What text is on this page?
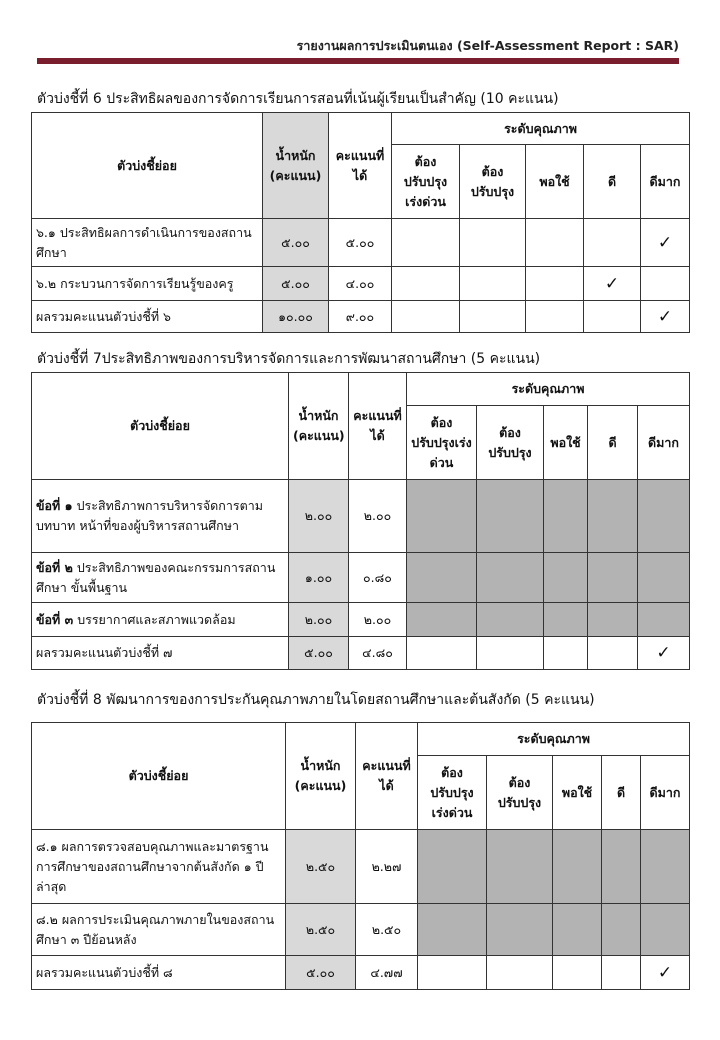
รายงานผลการประเมินตนเอง (Self-Assessment Report : SAR)
ตัวบ่งชี้ที่ 6 ประสิทธิผลของการจัดการเรียนการสอนที่เน้นผู้เรียนเป็นสำคัญ (10 คะแนน)
ตัวบ่งชี้ย่อย	น้ำหนัก (คะแนน)	คะแนนที่ได้	ระดับคุณภาพ				
			ต้องปรับปรุงเร่งด่วน	ต้องปรับปรุง	พอใช้	ดี	ดีมาก
๖.๑ ประสิทธิผลการดำเนินการของสถานศึกษา	๕.๐๐	๕.๐๐					✓
๖.๒ กระบวนการจัดการเรียนรู้ของครู	๕.๐๐	๔.๐๐				✓	
ผลรวมคะแนนตัวบ่งชี้ที่ ๖	๑๐.๐๐	๙.๐๐					✓
ตัวบ่งชี้ที่ 7ประสิทธิภาพของการบริหารจัดการและการพัฒนาสถานศึกษา (5 คะแนน)
ตัวบ่งชี้ย่อย	น้ำหนัก (คะแนน)	คะแนนที่ได้	ระดับคุณภาพ				
			ต้องปรับปรุงเร่งด่วน	ต้องปรับปรุง	พอใช้	ดี	ดีมาก
ข้อที่ ๑ ประสิทธิภาพการบริหารจัดการตาม บทบาท หน้าที่ของผู้บริหารสถานศึกษา	๒.๐๐	๒.๐๐					
ข้อที่ ๒ ประสิทธิภาพของคณะกรรมการสถานศึกษา ขั้นพื้นฐาน	๑.๐๐	๐.๘๐					
ข้อที่ ๓ บรรยากาศและสภาพแวดล้อม	๒.๐๐	๒.๐๐					
ผลรวมคะแนนตัวบ่งชี้ที่ ๗	๕.๐๐	๔.๘๐					✓
ตัวบ่งชี้ที่ 8 พัฒนาการของการประกันคุณภาพภายในโดยสถานศึกษาและต้นสังกัด (5 คะแนน)
ตัวบ่งชี้ย่อย	น้ำหนัก (คะแนน)	คะแนนที่ได้	ระดับคุณภาพ				
			ต้องปรับปรุงเร่งด่วน	ต้องปรับปรุง	พอใช้	ดี	ดีมาก
๘.๑ ผลการตรวจสอบคุณภาพและมาตรฐาน การศึกษาของสถานศึกษาจากต้นสังกัด ๑ ปีล่าสุด	๒.๕๐	๒.๒๗					
๘.๒ ผลการประเมินคุณภาพภายในของสถานศึกษา ๓ ปีย้อนหลัง	๒.๕๐	๒.๕๐					
ผลรวมคะแนนตัวบ่งชี้ที่ ๘	๕.๐๐	๔.๗๗					✓
